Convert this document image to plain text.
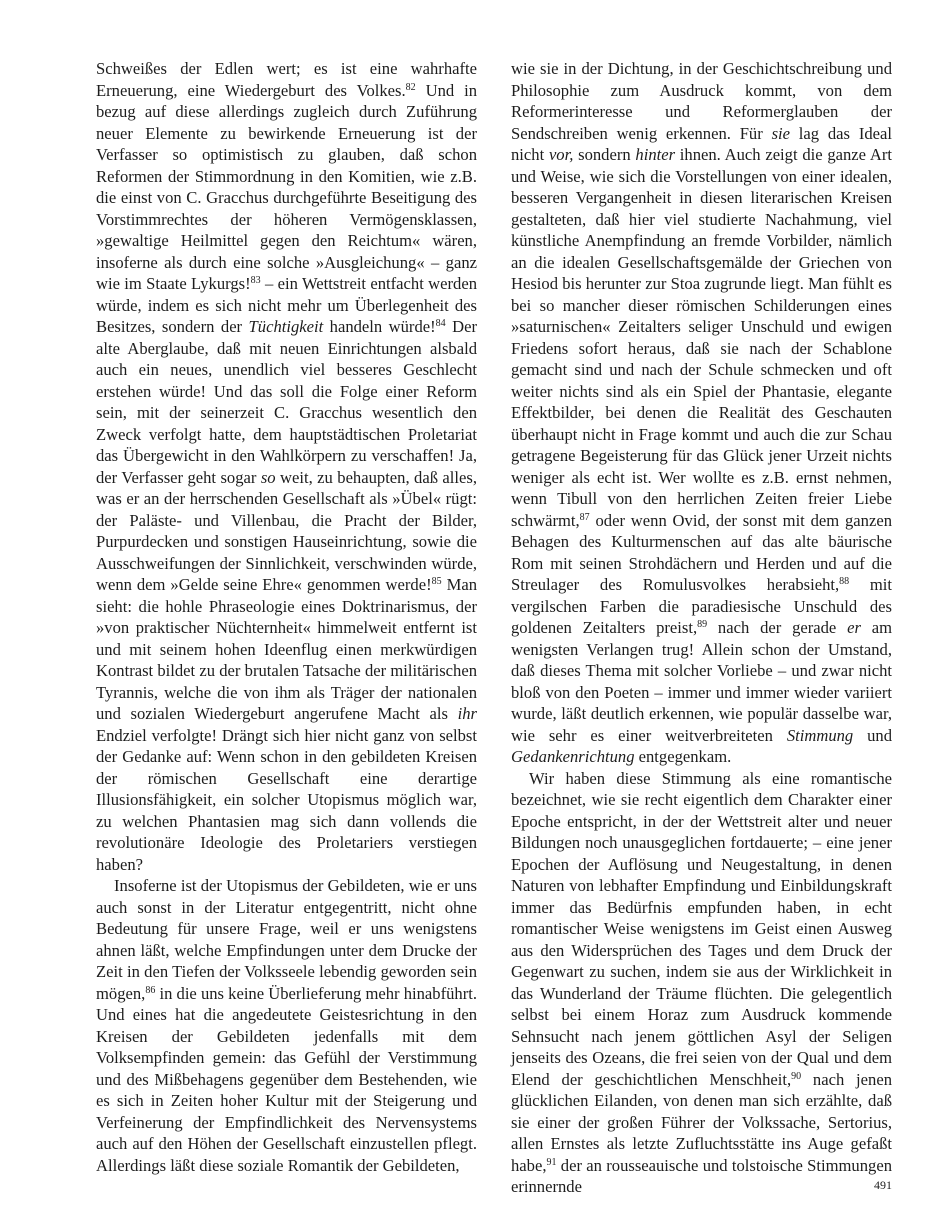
Schweißes der Edlen wert; es ist eine wahrhafte Erneuerung, eine Wiedergeburt des Volkes.$^{82}$ Und in bezug auf diese allerdings zugleich durch Zuführung neuer Elemente zu bewirkende Erneuerung ist der Verfasser so optimistisch zu glauben, daß schon Reformen der Stimmordnung in den Komitien, wie z.B. die einst von C. Gracchus durchgeführte Beseitigung des Vorstimmrechtes der höheren Vermögensklassen, »gewaltige Heilmittel gegen den Reichtum« wären, insoferne als durch eine solche »Ausgleichung« – ganz wie im Staate Lykurgs!$^{83}$ – ein Wettstreit entfacht werden würde, indem es sich nicht mehr um Überlegenheit des Besitzes, sondern der Tüchtigkeit handeln würde!$^{84}$ Der alte Aberglaube, daß mit neuen Einrichtungen alsbald auch ein neues, unendlich viel besseres Geschlecht erstehen würde! Und das soll die Folge einer Reform sein, mit der seinerzeit C. Gracchus wesentlich den Zweck verfolgt hatte, dem hauptstädtischen Proletariat das Übergewicht in den Wahlkörpern zu verschaffen! Ja, der Verfasser geht sogar so weit, zu behaupten, daß alles, was er an der herrschenden Gesellschaft als »Übel« rügt: der Paläste- und Villenbau, die Pracht der Bilder, Purpurdecken und sonstigen Hauseinrichtung, sowie die Ausschweifungen der Sinnlichkeit, verschwinden würde, wenn dem »Gelde seine Ehre« genommen werde!$^{85}$ Man sieht: die hohle Phraseologie eines Doktrinarismus, der »von praktischer Nüchternheit« himmelweit entfernt ist und mit seinem hohen Ideenflug einen merkwürdigen Kontrast bildet zu der brutalen Tatsache der militärischen Tyrannis, welche die von ihm als Träger der nationalen und sozialen Wiedergeburt angerufene Macht als ihr Endziel verfolgte! Drängt sich hier nicht ganz von selbst der Gedanke auf: Wenn schon in den gebildeten Kreisen der römischen Gesellschaft eine derartige Illusionsfähigkeit, ein solcher Utopismus möglich war, zu welchen Phantasien mag sich dann vollends die revolutionäre Ideologie des Proletariers verstiegen haben?

Insoferne ist der Utopismus der Gebildeten, wie er uns auch sonst in der Literatur entgegentritt, nicht ohne Bedeutung für unsere Frage, weil er uns wenigstens ahnen läßt, welche Empfindungen unter dem Drucke der Zeit in den Tiefen der Volksseele lebendig geworden sein mögen,$^{86}$ in die uns keine Überlieferung mehr hinabführt. Und eines hat die angedeutete Geistesrichtung in den Kreisen der Gebildeten jedenfalls mit dem Volksempfinden gemein: das Gefühl der Verstimmung und des Mißbehagens gegenüber dem Bestehenden, wie es sich in Zeiten hoher Kultur mit der Steigerung und Verfeinerung der Empfindlichkeit des Nervensystems auch auf den Höhen der Gesellschaft einzustellen pflegt. Allerdings läßt diese soziale Romantik der Gebildeten,

wie sie in der Dichtung, in der Geschichtschreibung und Philosophie zum Ausdruck kommt, von dem Reformerinteresse und Reformerglauben der Sendschreiben wenig erkennen. Für sie lag das Ideal nicht vor, sondern hinter ihnen. Auch zeigt die ganze Art und Weise, wie sich die Vorstellungen von einer idealen, besseren Vergangenheit in diesen literarischen Kreisen gestalteten, daß hier viel studierte Nachahmung, viel künstliche Anempfindung an fremde Vorbilder, nämlich an die idealen Gesellschaftsgemälde der Griechen von Hesiod bis herunter zur Stoa zugrunde liegt. Man fühlt es bei so mancher dieser römischen Schilderungen eines »saturnischen« Zeitalters seliger Unschuld und ewigen Friedens sofort heraus, daß sie nach der Schablone gemacht sind und nach der Schule schmecken und oft weiter nichts sind als ein Spiel der Phantasie, elegante Effektbilder, bei denen die Realität des Geschauten überhaupt nicht in Frage kommt und auch die zur Schau getragene Begeisterung für das Glück jener Urzeit nichts weniger als echt ist. Wer wollte es z.B. ernst nehmen, wenn Tibull von den herrlichen Zeiten freier Liebe schwärmt,$^{87}$ oder wenn Ovid, der sonst mit dem ganzen Behagen des Kulturmenschen auf das alte bäurische Rom mit seinen Strohdächern und Herden und auf die Streulager des Romulusvolkes herabsieht,$^{88}$ mit vergilschen Farben die paradiesische Unschuld des goldenen Zeitalters preist,$^{89}$ nach der gerade er am wenigsten Verlangen trug! Allein schon der Umstand, daß dieses Thema mit solcher Vorliebe – und zwar nicht bloß von den Poeten – immer und immer wieder variiert wurde, läßt deutlich erkennen, wie populär dasselbe war, wie sehr es einer weitverbreiteten Stimmung und Gedankenrichtung entgegenkam.

Wir haben diese Stimmung als eine romantische bezeichnet, wie sie recht eigentlich dem Charakter einer Epoche entspricht, in der der Wettstreit alter und neuer Bildungen noch unausgeglichen fortdauerte; – eine jener Epochen der Auflösung und Neugestaltung, in denen Naturen von lebhafter Empfindung und Einbildungskraft immer das Bedürfnis empfunden haben, in echt romantischer Weise wenigstens im Geist einen Ausweg aus den Widersprüchen des Tages und dem Druck der Gegenwart zu suchen, indem sie aus der Wirklichkeit in das Wunderland der Träume flüchten. Die gelegentlich selbst bei einem Horaz zum Ausdruck kommende Sehnsucht nach jenem göttlichen Asyl der Seligen jenseits des Ozeans, die frei seien von der Qual und dem Elend der geschichtlichen Menschheit,$^{90}$ nach jenen glücklichen Eilanden, von denen man sich erzählte, daß sie einer der großen Führer der Volkssache, Sertorius, allen Ernstes als letzte Zufluchtsstätte ins Auge gefaßt habe,$^{91}$ der an rousseauische und tolstoische Stimmungen erinnernde	491
